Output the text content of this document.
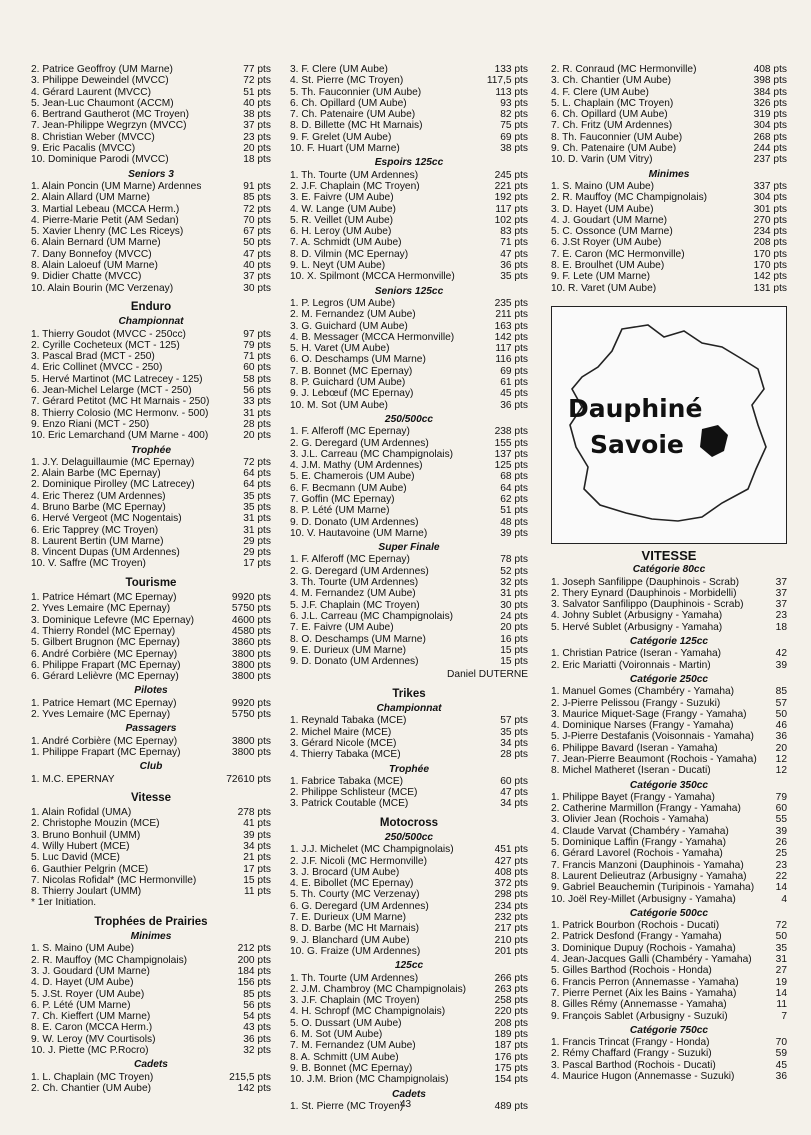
2. Patrice Geoffroy (UM Marne)	77 pts
3. Philippe Deweindel (MVCC)	72 pts
4. Gérard Laurent (MVCC)	51 pts
5. Jean-Luc Chaumont (ACCM)	40 pts
6. Bertrand Gautherot (MC Troyen)	38 pts
7. Jean-Philippe Wegrzyn (MVCC)	37 pts
8. Christian Weber (MVCC)	23 pts
9. Éric Pacalis (MVCC)	20 pts
10. Dominique Parodi (MVCC)	18 pts
Seniors 3
1. Alain Poncin (UM Marne) Ardennes	91 pts
2. Alain Allard (UM Marne)	85 pts
3. Martial Lebeau (MCCA Herm.)	72 pts
4. Pierre-Marie Petit (AM Sedan)	70 pts
5. Xavier Lhenry (MC Les Riceys)	67 pts
6. Alain Bernard (UM Marne)	50 pts
7. Dany Bonnefoy (MVCC)	47 pts
8. Alain Laloeuf (UM Marne)	40 pts
9. Didier Chatte (MVCC)	37 pts
10. Alain Bourin (MC Verzenay)	30 pts
Enduro
Championnat
1. Thierry Goudot (MVCC - 250cc)	97 pts
2. Cyrille Cocheteux (MCT - 125)	79 pts
3. Pascal Brad (MCT - 250)	71 pts
4. Éric Collinet (MVCC - 250)	60 pts
5. Hervé Martinot (MC Latrecey - 125)	58 pts
6. Jean-Michel Lelarge (MCT - 250)	56 pts
7. Gérard Petitot (MC Ht Marnais - 250)	33 pts
8. Thierry Colosio (MC Hermonv. - 500)	31 pts
9. Enzo Riani (MCT - 250)	28 pts
10. Éric Lemarchand (UM Marne - 400)	20 pts
Trophée
1. J.Y. Delaguillaumie (MC Épernay)	72 pts
2. Alain Barbe (MC Épernay)	64 pts
2. Dominique Pirolley (MC Latrecey)	64 pts
4. Éric Therez (UM Ardennes)	35 pts
4. Bruno Barbe (MC Épernay)	35 pts
6. Hervé Vergeot (MC Nogentais)	31 pts
6. Éric Tapprey (MC Troyen)	31 pts
8. Laurent Bertin (UM Marne)	29 pts
8. Vincent Dupas (UM Ardennes)	29 pts
10. V. Saffre (MC Troyen)	17 pts
Tourisme
1. Patrice Hémart (MC Épernay)	9920 pts
2. Yves Lemaire (MC Épernay)	5750 pts
3. Dominique Lefevre (MC Épernay)	4600 pts
4. Thierry Rondel (MC Épernay)	4580 pts
5. Gilbert Brugnon (MC Épernay)	3860 pts
6. André Corbière (MC Épernay)	3800 pts
6. Philippe Frapart (MC Épernay)	3800 pts
6. Gérard Lelièvre (MC Épernay)	3800 pts
Pilotes
1. Patrice Hemart (MC Épernay)	9920 pts
2. Yves Lemaire (MC Épernay)	5750 pts
Passagers
1. André Corbière (MC Épernay)	3800 pts
1. Philippe Frapart (MC Épernay)	3800 pts
Club
1. M.C. ÉPERNAY	72610 pts
Vitesse
1. Alain Rofidal (UMA)	278 pts
2. Christophe Mouzin (MCE)	41 pts
3. Bruno Bonhuil (UMM)	39 pts
4. Willy Hubert (MCE)	34 pts
5. Luc David (MCE)	21 pts
6. Gauthier Pelgrin (MCE)	17 pts
7. Nicolas Rofidal* (MC Hermonville)	15 pts
8. Thierry Joulart (UMM)	11 pts
* 1er Initiation.
Trophées de Prairies
Minimes
1. S. Maino (UM Aube)	212 pts
2. R. Mauffoy (MC Champignolais)	200 pts
3. J. Goudard (UM Marne)	184 pts
4. D. Hayet (UM Aube)	156 pts
5. J.St. Royer (UM Aube)	85 pts
6. P. Lété (UM Marne)	56 pts
7. Ch. Kieffert (UM Marne)	54 pts
8. E. Caron (MCCA Herm.)	43 pts
9. W. Leroy (MV Courtisols)	36 pts
10. J. Piette (MC P.Rocro)	32 pts
Cadets
1. L. Chaplain (MC Troyen)	215,5 pts
2. Ch. Chantier (UM Aube)	142 pts
3. F. Clere (UM Aube)	133 pts
4. St. Pierre (MC Troyen)	117,5 pts
5. Th. Fauconnier (UM Aube)	113 pts
6. Ch. Opillard (UM Aube)	93 pts
7. Ch. Patenaire (UM Aube)	82 pts
8. D. Billette (MC Ht Marnais)	75 pts
9. F. Grelet (UM Aube)	69 pts
10. F. Huart (UM Marne)	38 pts
Espoirs 125cc
1. Th. Tourte (UM Ardennes)	245 pts
2. J.F. Chaplain (MC Troyen)	221 pts
3. E. Faivre (UM Aube)	192 pts
4. W. Lange (UM Aube)	117 pts
5. R. Veillet (UM Aube)	102 pts
6. H. Leroy (UM Aube)	83 pts
7. A. Schmidt (UM Aube)	71 pts
8. D. Vilmin (MC Épernay)	47 pts
9. L. Neyt (UM Aube)	36 pts
10. X. Spilmont (MCCA Hermonville)	35 pts
Seniors 125cc
1. P. Legros (UM Aube)	235 pts
2. M. Fernandez (UM Aube)	211 pts
3. G. Guichard (UM Aube)	163 pts
4. B. Messager (MCCA Hermonville)	142 pts
5. H. Varet (UM Aube)	117 pts
6. O. Deschamps (UM Marne)	116 pts
7. B. Bonnet (MC Épernay)	69 pts
8. P. Guichard (UM Aube)	61 pts
9. J. Lebœuf (MC Épernay)	45 pts
10. M. Sot (UM Aube)	36 pts
250/500cc
1. F. Alferoff (MC Épernay)	238 pts
2. G. Deregard (UM Ardennes)	155 pts
3. J.L. Carreau (MC Champignolais)	137 pts
4. J.M. Mathy (UM Ardennes)	125 pts
5. E. Chamerois (UM Aube)	68 pts
6. F. Becmann (UM Aube)	64 pts
7. Goffin (MC Épernay)	62 pts
8. P. Lété (UM Marne)	51 pts
9. D. Donato (UM Ardennes)	48 pts
10. V. Hautavoine (UM Marne)	39 pts
Super Finale
1. F. Alferoff (MC Épernay)	78 pts
2. G. Deregard (UM Ardennes)	52 pts
3. Th. Tourte (UM Ardennes)	32 pts
4. M. Fernandez (UM Aube)	31 pts
5. J.F. Chaplain (MC Troyen)	30 pts
6. J.L. Carreau (MC Champignolais)	24 pts
7. E. Faivre (UM Aube)	20 pts
8. O. Deschamps (UM Marne)	16 pts
9. E. Durieux (UM Marne)	15 pts
9. D. Donato (UM Ardennes)	15 pts
Daniel DUTERNE
Trikes
Championnat
1. Reynald Tabaka (MCE)	57 pts
2. Michel Maire (MCE)	35 pts
3. Gérard Nicole (MCE)	34 pts
4. Thierry Tabaka (MCE)	28 pts
Trophée
1. Fabrice Tabaka (MCE)	60 pts
2. Philippe Schlisteur (MCE)	47 pts
3. Patrick Coutable (MCE)	34 pts
Motocross
250/500cc
1. J.J. Michelet (MC Champignolais)	451 pts
2. J.F. Nicoli (MC Hermonville)	427 pts
3. J. Brocard (UM Aube)	408 pts
4. E. Bibollet (MC Épernay)	372 pts
5. Th. Courty (MC Verzenay)	298 pts
6. G. Deregard (UM Ardennes)	234 pts
7. E. Durieux (UM Marne)	232 pts
8. D. Barbe (MC Ht Marnais)	217 pts
9. J. Blanchard (UM Aube)	210 pts
10. G. Fraize (UM Ardennes)	201 pts
125cc
1. Th. Tourte (UM Ardennes)	266 pts
2. J.M. Chambroy (MC Champignolais)	263 pts
3. J.F. Chaplain (MC Troyen)	258 pts
4. H. Schropf (MC Champignolais)	220 pts
5. O. Dussart (UM Aube)	208 pts
6. M. Sot (UM Aube)	189 pts
7. M. Fernandez (UM Aube)	187 pts
8. A. Schmitt (UM Aube)	176 pts
9. B. Bonnet (MC Épernay)	175 pts
10. J.M. Brion (MC Champignolais)	154 pts
Cadets
1. St. Pierre (MC Troyen)	489 pts
2. R. Conraud (MC Hermonville)	408 pts
3. Ch. Chantier (UM Aube)	398 pts
4. F. Clere (UM Aube)	384 pts
5. L. Chaplain (MC Troyen)	326 pts
6. Ch. Opillard (UM Aube)	319 pts
7. Ch. Fritz (UM Ardennes)	304 pts
8. Th. Fauconnier (UM Aube)	268 pts
9. Ch. Patenaire (UM Aube)	244 pts
10. D. Varin (UM Vitry)	237 pts
Minimes
1. S. Maino (UM Aube)	337 pts
2. R. Mauffoy (MC Champignolais)	304 pts
3. D. Hayet (UM Aube)	301 pts
4. J. Goudart (UM Marne)	270 pts
5. C. Ossonce (UM Marne)	234 pts
6. J.St Royer (UM Aube)	208 pts
7. É. Caron (MC Hermonville)	170 pts
8. E. Broulhet (UM Aube)	170 pts
9. F. Lete (UM Marne)	142 pts
10. R. Varet (UM Aube)	131 pts
Dauphiné
Savoie
VITESSE
Catégorie 80cc
1. Joseph Sanfilippe (Dauphinois - Scrab)	37
2. Thery Eynard (Dauphinois - Morbidelli)	37
3. Salvator Sanfilippo (Dauphinois - Scrab)	37
4. Johny Sublet (Arbusigny - Yamaha)	23
5. Hervé Sublet (Arbusigny - Yamaha)	18
Catégorie 125cc
1. Christian Patrice (Iseran - Yamaha)	42
2. Éric Mariatti (Voironnais - Martin)	39
Catégorie 250cc
1. Manuel Gomes (Chambéry - Yamaha)	85
2. J-Pierre Pelissou (Frangy - Suzuki)	57
3. Maurice Miquet-Sage (Frangy - Yamaha)	50
4. Dominique Narses (Frangy - Yamaha)	46
5. J-Pierre Destafanis (Voisonnais - Yamaha)	36
6. Philippe Bavard (Iseran - Yamaha)	20
7. Jean-Pierre Beaumont (Rochois - Yamaha)	12
8. Michel Matheret (Iseran - Ducati)	12
Catégorie 350cc
1. Philippe Bayet (Frangy - Yamaha)	79
2. Catherine Marmillon (Frangy - Yamaha)	60
3. Olivier Jean (Rochois - Yamaha)	55
4. Claude Varvat (Chambéry - Yamaha)	39
5. Dominique Laffin (Frangy - Yamaha)	26
6. Gérard Lavorel (Rochois - Yamaha)	25
7. Francis Manzoni (Dauphinois - Yamaha)	23
8. Laurent Delieutraz (Arbusigny - Yamaha)	22
9. Gabriel Beauchemin (Turipinois - Yamaha)	14
10. Joël Rey-Millet (Arbusigny - Yamaha)	4
Catégorie 500cc
1. Patrick Bourbon (Rochois - Ducati)	72
2. Patrick Desfond (Frangy - Yamaha)	50
3. Dominique Dupuy (Rochois - Yamaha)	35
4. Jean-Jacques Galli (Chambéry - Yamaha)	31
5. Gilles Barthod (Rochois - Honda)	27
6. Francis Perron (Annemasse - Yamaha)	19
7. Pierre Pernet (Aix les Bains - Yamaha)	14
8. Gilles Rémy (Annemasse - Yamaha)	11
9. François Sablet (Arbusigny - Suzuki)	7
Catégorie 750cc
1. Francis Trincat (Frangy - Honda)	70
2. Rémy Chaffard (Frangy - Suzuki)	59
3. Pascal Barthod (Rochois - Ducati)	45
4. Maurice Hugon (Annemasse - Suzuki)	36
43
